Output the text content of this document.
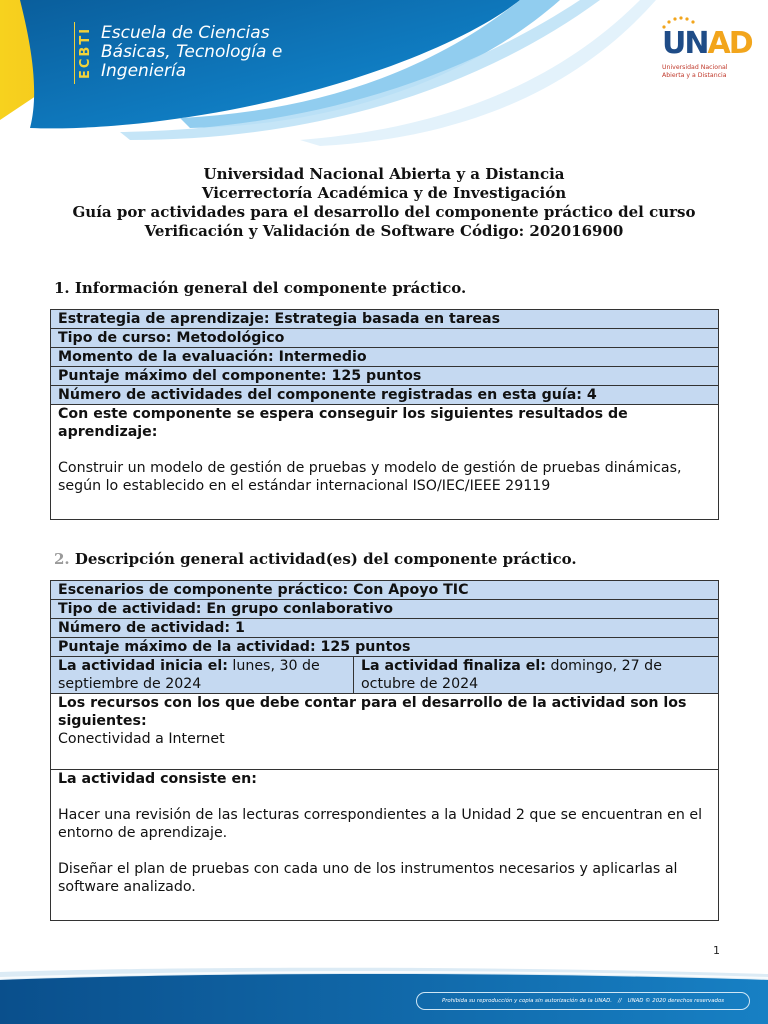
ECBTI Escuela de Ciencias
Básicas, Tecnología e
Ingeniería
UNAD
Universidad Nacional
Abierta y a Distancia
Universidad Nacional Abierta y a Distancia
Vicerrectoría Académica y de Investigación
Guía por actividades para el desarrollo del componente práctico del curso
Verificación y Validación de Software Código: 202016900
1. Información general del componente práctico.
Estrategia de aprendizaje: Estrategia basada en tareas
Tipo de curso: Metodológico
Momento de la evaluación: Intermedio
Puntaje máximo del componente: 125 puntos
Número de actividades del componente registradas en esta guía: 4

Con este componente se espera conseguir los siguientes resultados de aprendizaje:
Construir un modelo de gestión de pruebas y modelo de gestión de pruebas dinámicas, según lo establecido en el estándar internacional ISO/IEC/IEEE 29119
2. Descripción general actividad(es) del componente práctico.
Escenarios de componente práctico: Con Apoyo TIC
Tipo de actividad: En grupo conlaborativo
Número de actividad: 1
Puntaje máximo de la actividad: 125 puntos
La actividad inicia el: lunes, 30 de septiembre de 2024	La actividad finaliza el: domingo, 27 de octubre de 2024

Los recursos con los que debe contar para el desarrollo de la actividad son los siguientes:
Conectividad a Internet

La actividad consiste en:
Hacer una revisión de las lecturas correspondientes a la Unidad 2 que se encuentran en el entorno de aprendizaje.
Diseñar el plan de pruebas con cada uno de los instrumentos necesarios y aplicarlas al software analizado.
1
Prohibida su reproducción y copia sin autorización de la UNAD. // UNAD © 2020 derechos reservados
